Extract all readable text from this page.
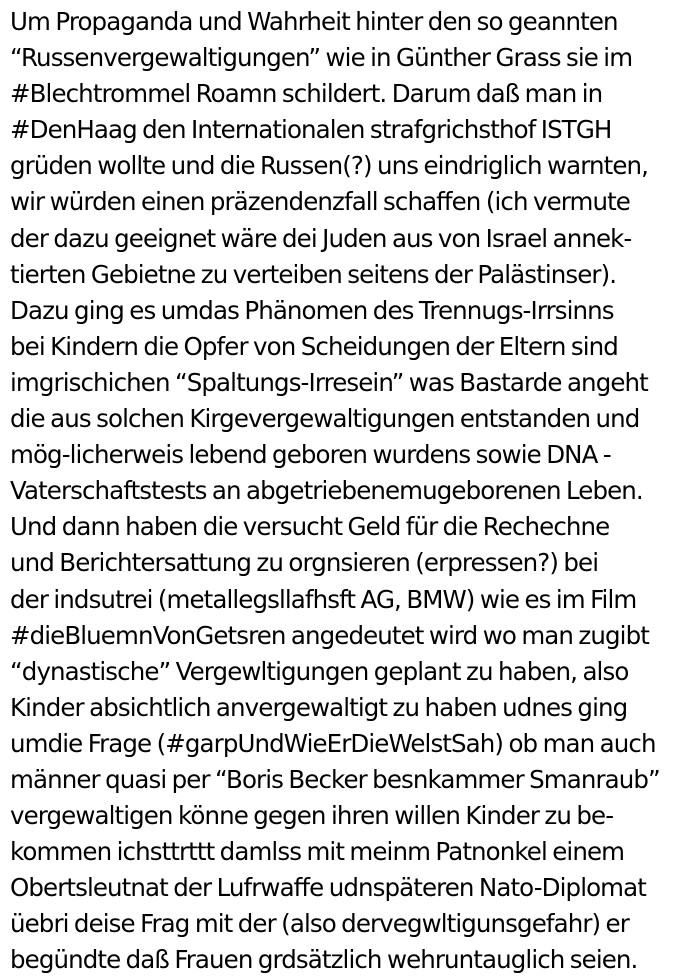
Um Propaganda und Wahrheit hinter den so geannten
“Russenvergewaltigungen” wie in Günther Grass sie im
#Blechtrommel Roamn schildert. Darum daß man in
#DenHaag den Internationalen strafgrichsthof ISTGH
grüden wollte und die Russen(?) uns eindriglich warnten,
wir würden einen präzendenzfall schaffen (ich vermute
der dazu geeignet wäre dei Juden aus von Israel annek-
tierten Gebietne zu verteiben seitens der Palästinser).
Dazu ging es umdas Phänomen des Trennugs-Irrsinns
bei Kindern die Opfer von Scheidungen der Eltern sind
imgrischichen “Spaltungs-Irresein” was Bastarde angeht
die aus solchen Kirgevergewaltigungen entstanden und
mög-licherweis lebend geboren wurdens sowie DNA -
Vaterschaftstests an abgetriebenemugeborenen Leben.
Und dann haben die versucht Geld für die Rechechne
und Berichtersattung zu orgnsieren (erpressen?) bei
der indsutrei (metallegsllafhsft AG, BMW) wie es im Film
#dieBluemnVonGetsren angedeutet wird wo man zugibt
“dynastische” Vergewltigungen geplant zu haben, also
Kinder absichtlich anvergewaltigt zu haben udnes ging
umdie Frage (#garpUndWieErDieWelstSah) ob man auch
männer quasi per “Boris Becker besnkammer Smanraub”
vergewaltigen könne gegen ihren willen Kinder zu be-
kommen ichsttrttt damlss mit meinm Patnonkel einem
Obertsleutnat der Lufrwaffe udnspäteren Nato-Diplomat
üebri deise Frag mit der (also dervegwltigunsgefahr) er
begündte daß Frauen grdsätzlich wehruntauglich seien.
